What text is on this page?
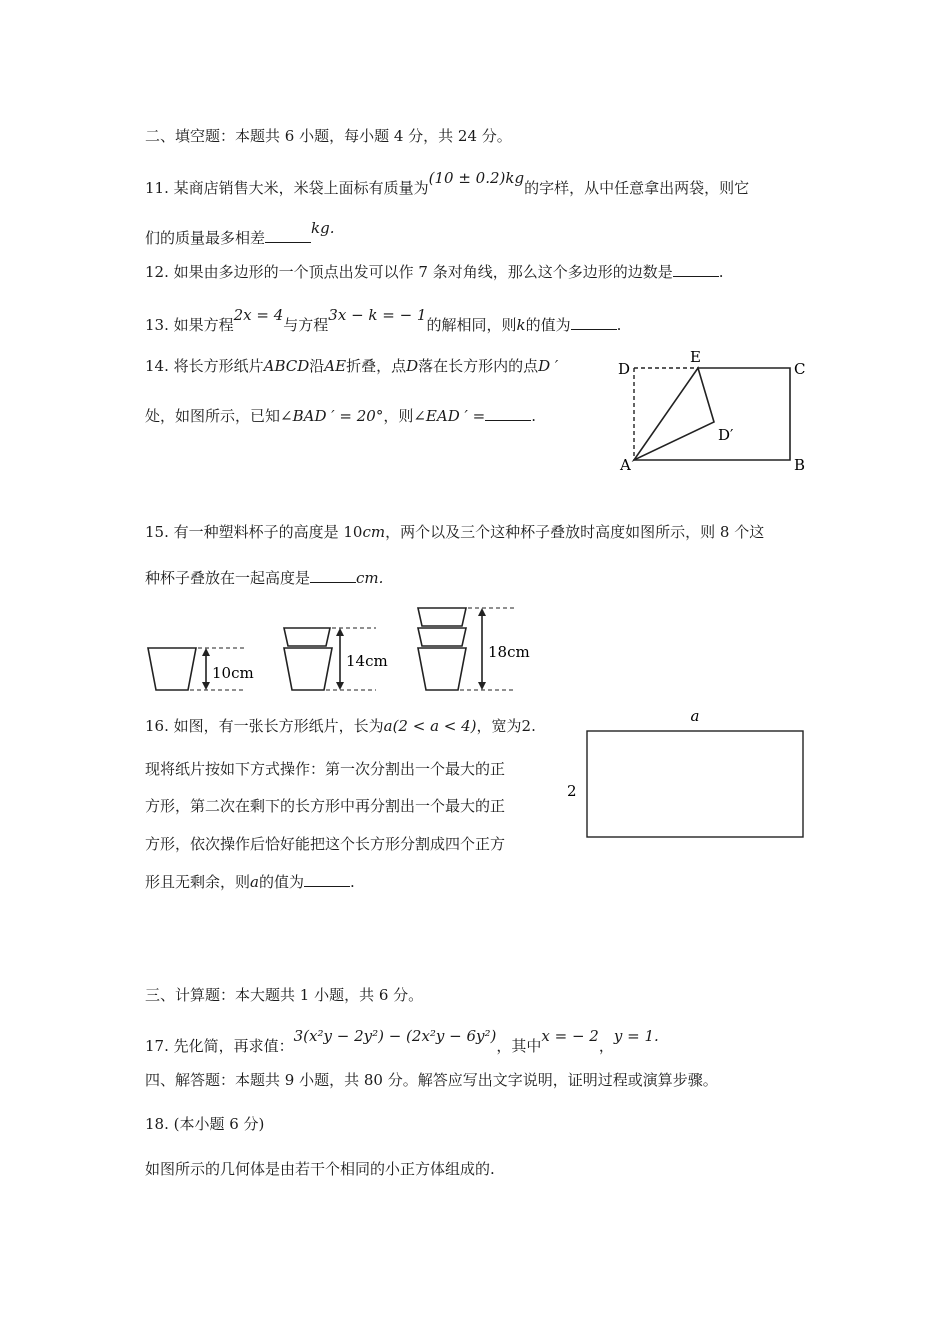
二、填空题：本题共 6 小题，每小题 4 分，共 24 分。
11. 某商店销售大米，米袋上面标有质量为(10 ± 0.2)kg的字样，从中任意拿出两袋，则它
们的质量最多相差kg.
12. 如果由多边形的一个顶点出发可以作 7 条对角线，那么这个多边形的边数是	.
13. 如果方程2x = 4与方程3x − k = − 1的解相同，则k的值为	.
14. 将长方形纸片ABCD沿AE折叠，点D落在长方形内的点D ′
处，如图所示，已知∠BAD ′ = 20°，则∠EAD ′ =	.
D
E
C
D′
A	B
15. 有一种塑料杯子的高度是 10cm，两个以及三个这种杯子叠放时高度如图所示，则 8 个这
种杯子叠放在一起高度是	cm.
10cm
14cm	18cm
16. 如图，有一张长方形纸片，长为a(2 < a < 4)，宽为2.
现将纸片按如下方式操作：第一次分割出一个最大的正
方形，第二次在剩下的长方形中再分割出一个最大的正
方形，依次操作后恰好能把这个长方形分割成四个正方
形且无剩余，则a的值为	.
a
2
三、计算题：本大题共 1 小题，共 6 分。
17. 先化简，再求值：3(x²y − 2y²) − (2x²y − 6y²)，其中x = − 2，y = 1.
四、解答题：本题共 9 小题，共 80 分。解答应写出文字说明，证明过程或演算步骤。
18. (本小题 6 分)
如图所示的几何体是由若干个相同的小正方体组成的.
